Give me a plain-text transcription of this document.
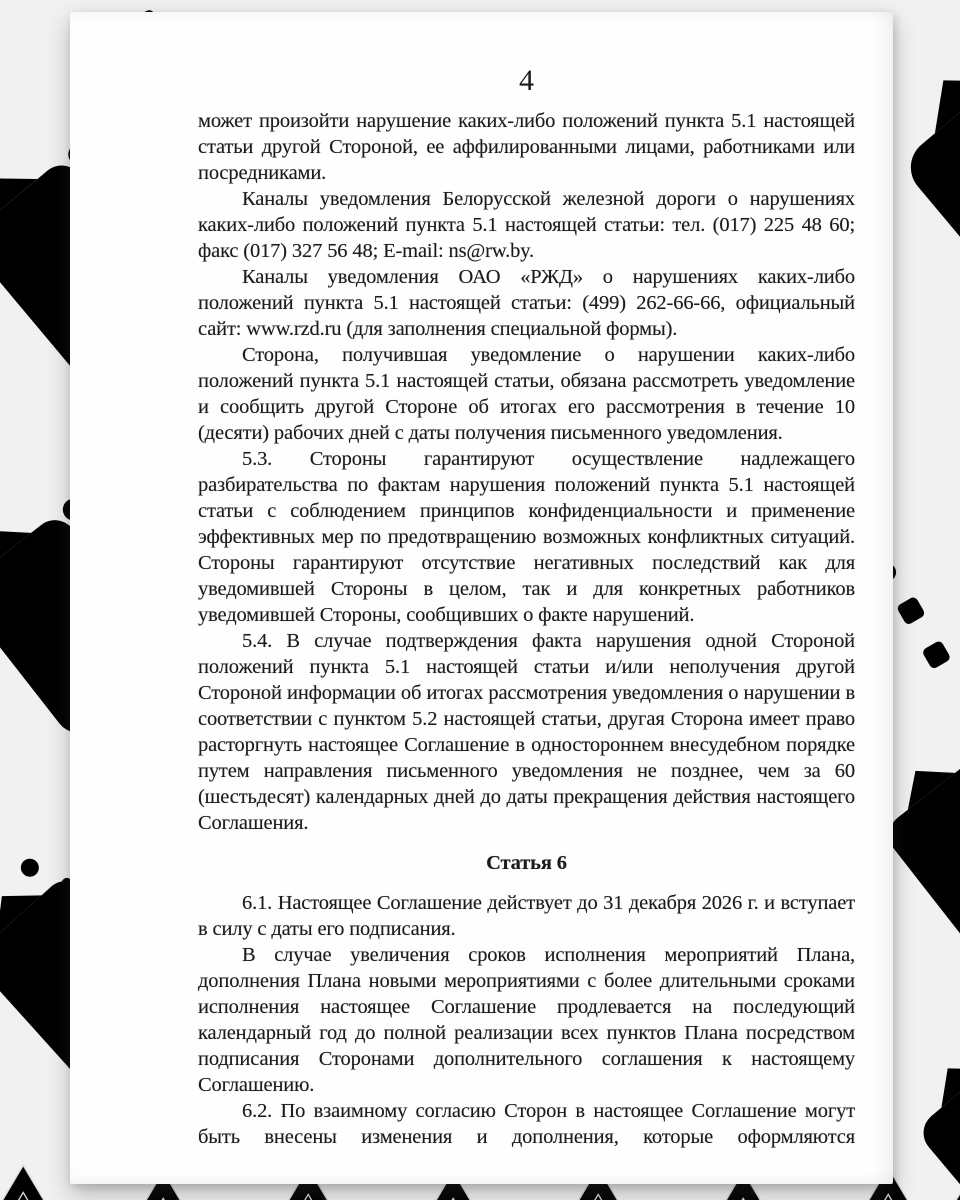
4

может произойти нарушение каких-либо положений пункта 5.1 настоящей статьи другой Стороной, ее аффилированными лицами, работниками или посредниками.

Каналы уведомления Белорусской железной дороги о нарушениях каких-либо положений пункта 5.1 настоящей статьи: тел. (017) 225 48 60; факс (017) 327 56 48; E-mail: ns@rw.by.

Каналы уведомления ОАО «РЖД» о нарушениях каких-либо положений пункта 5.1 настоящей статьи: (499) 262-66-66, официальный сайт: www.rzd.ru (для заполнения специальной формы).

Сторона, получившая уведомление о нарушении каких-либо положений пункта 5.1 настоящей статьи, обязана рассмотреть уведомление и сообщить другой Стороне об итогах его рассмотрения в течение 10 (десяти) рабочих дней с даты получения письменного уведомления.

5.3. Стороны гарантируют осуществление надлежащего разбирательства по фактам нарушения положений пункта 5.1 настоящей статьи с соблюдением принципов конфиденциальности и применение эффективных мер по предотвращению возможных конфликтных ситуаций. Стороны гарантируют отсутствие негативных последствий как для уведомившей Стороны в целом, так и для конкретных работников уведомившей Стороны, сообщивших о факте нарушений.

5.4. В случае подтверждения факта нарушения одной Стороной положений пункта 5.1 настоящей статьи и/или неполучения другой Стороной информации об итогах рассмотрения уведомления о нарушении в соответствии с пунктом 5.2 настоящей статьи, другая Сторона имеет право расторгнуть настоящее Соглашение в одностороннем внесудебном порядке путем направления письменного уведомления не позднее, чем за 60 (шестьдесят) календарных дней до даты прекращения действия настоящего Соглашения.

Статья 6

6.1. Настоящее Соглашение действует до 31 декабря 2026 г. и вступает в силу с даты его подписания.

В случае увеличения сроков исполнения мероприятий Плана, дополнения Плана новыми мероприятиями с более длительными сроками исполнения настоящее Соглашение продлевается на последующий календарный год до полной реализации всех пунктов Плана посредством подписания Сторонами дополнительного соглашения к настоящему Соглашению.

6.2. По взаимному согласию Сторон в настоящее Соглашение могут быть внесены изменения и дополнения, которые оформляются
